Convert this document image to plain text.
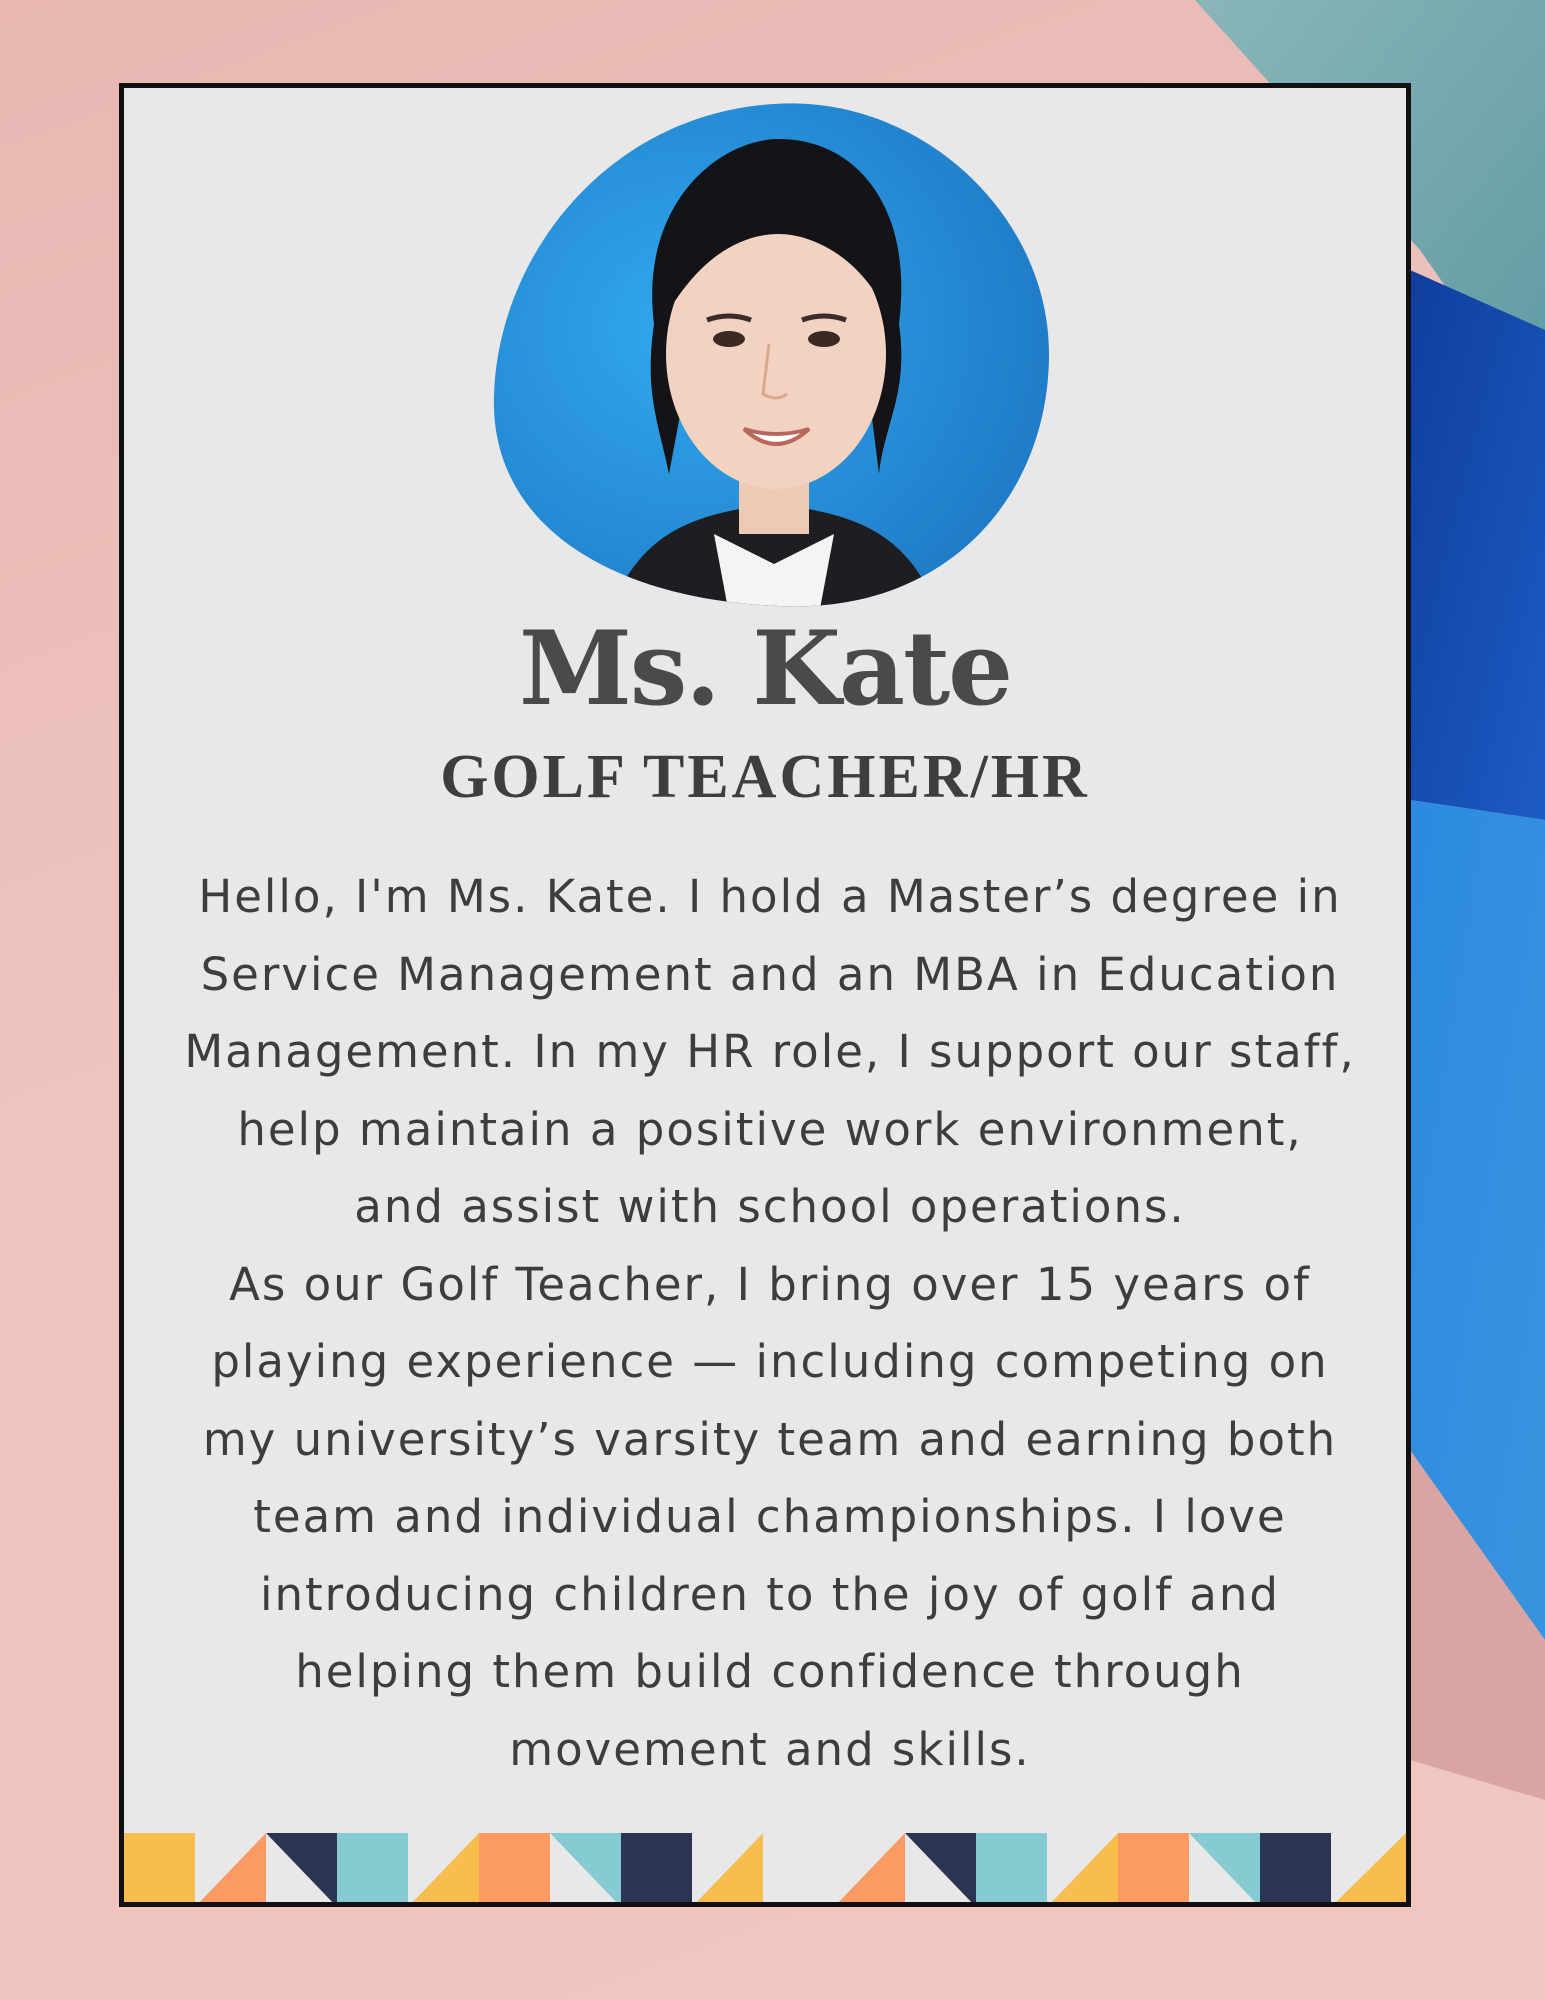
Ms. Kate
GOLF TEACHER/HR
Hello, I'm Ms. Kate. I hold a Master’s degree in
Service Management and an MBA in Education
Management. In my HR role, I support our staff,
help maintain a positive work environment,
and assist with school operations.
As our Golf Teacher, I bring over 15 years of
playing experience — including competing on
my university’s varsity team and earning both
team and individual championships. I love
introducing children to the joy of golf and
helping them build confidence through
movement and skills.
